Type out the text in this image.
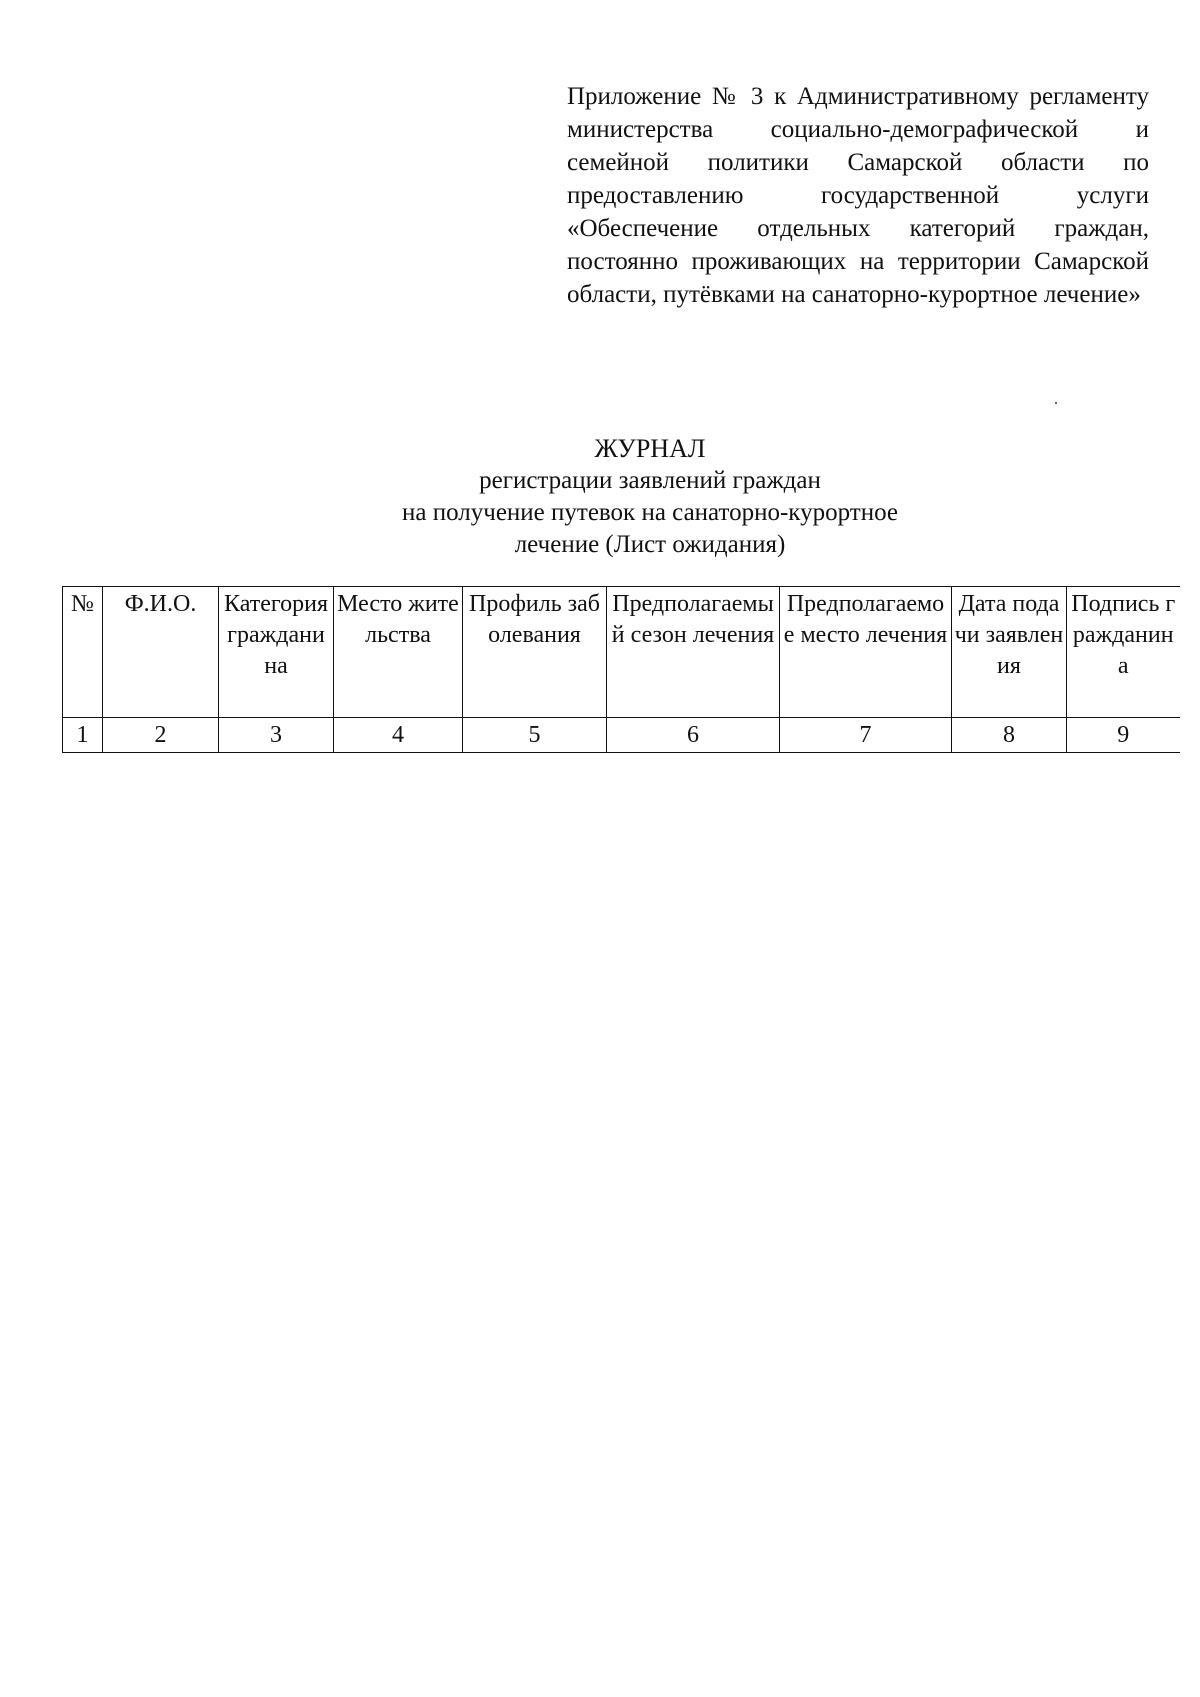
Приложение № 3 к Административному регламенту министерства социально-демографической и семейной политики Самарской области по предоставлению государственной услуги «Обеспечение отдельных категорий граждан, постоянно проживающих на территории Самарской области, путёвками на санаторно-курортное лечение»
ЖУРНАЛ
регистрации заявлений граждан
на получение путевок на санаторно-курортное
лечение (Лист ожидания)
№	Ф.И.О.	Категория гражданина	Место жительства	Профиль заболевания	Предполагаемый сезон лечения	Предполагаемое место лечения	Дата подачи заявления	Подпись гражданина
1	2	3	4	5	6	7	8	9
